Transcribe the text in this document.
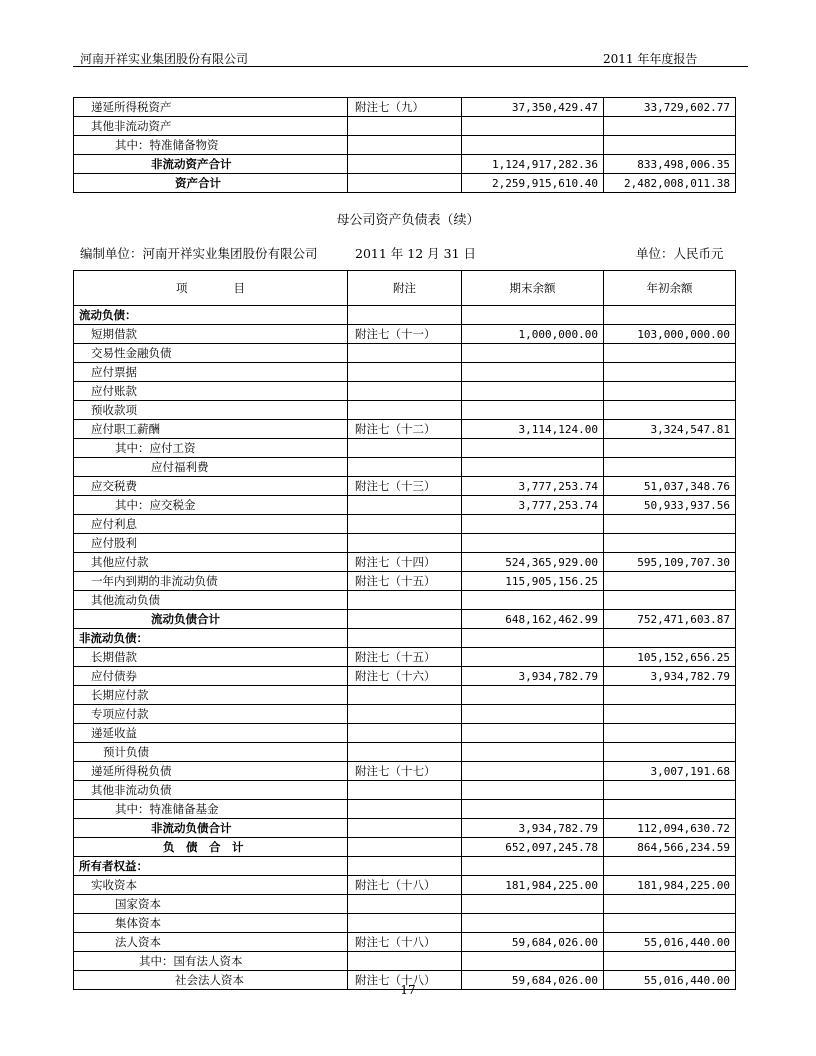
河南开祥实业集团股份有限公司	2011 年年度报告
递延所得税资产	附注七（九）	37,350,429.47	33,729,602.77
其他非流动资产			
其中：特准储备物资			
非流动资产合计		1,124,917,282.36	833,498,006.35
资产合计		2,259,915,610.40	2,482,008,011.38
母公司资产负债表（续）
编制单位：河南开祥实业集团股份有限公司	2011 年 12 月 31 日	单位：人民币元
项　　　　目	附注	期末余额	年初余额
流动负债：			
短期借款	附注七（十一）	1,000,000.00	103,000,000.00
交易性金融负债			
应付票据			
应付账款			
预收款项			
应付职工薪酬	附注七（十二）	3,114,124.00	3,324,547.81
其中：应付工资			
应付福利费			
应交税费	附注七（十三）	3,777,253.74	51,037,348.76
其中：应交税金		3,777,253.74	50,933,937.56
应付利息			
应付股利			
其他应付款	附注七（十四）	524,365,929.00	595,109,707.30
一年内到期的非流动负债	附注七（十五）	115,905,156.25	
其他流动负债			
流动负债合计		648,162,462.99	752,471,603.87
非流动负债：			
长期借款	附注七（十五）		105,152,656.25
应付债券	附注七（十六）	3,934,782.79	3,934,782.79
长期应付款			
专项应付款			
递延收益			
预计负债			
递延所得税负债	附注七（十七）		3,007,191.68
其他非流动负债			
其中：特准储备基金			
非流动负债合计		3,934,782.79	112,094,630.72
负　债　合　计		652,097,245.78	864,566,234.59
所有者权益：			
实收资本	附注七（十八）	181,984,225.00	181,984,225.00
国家资本			
集体资本			
法人资本	附注七（十八）	59,684,026.00	55,016,440.00
其中：国有法人资本			
社会法人资本	附注七（十八）	59,684,026.00	55,016,440.00
17
